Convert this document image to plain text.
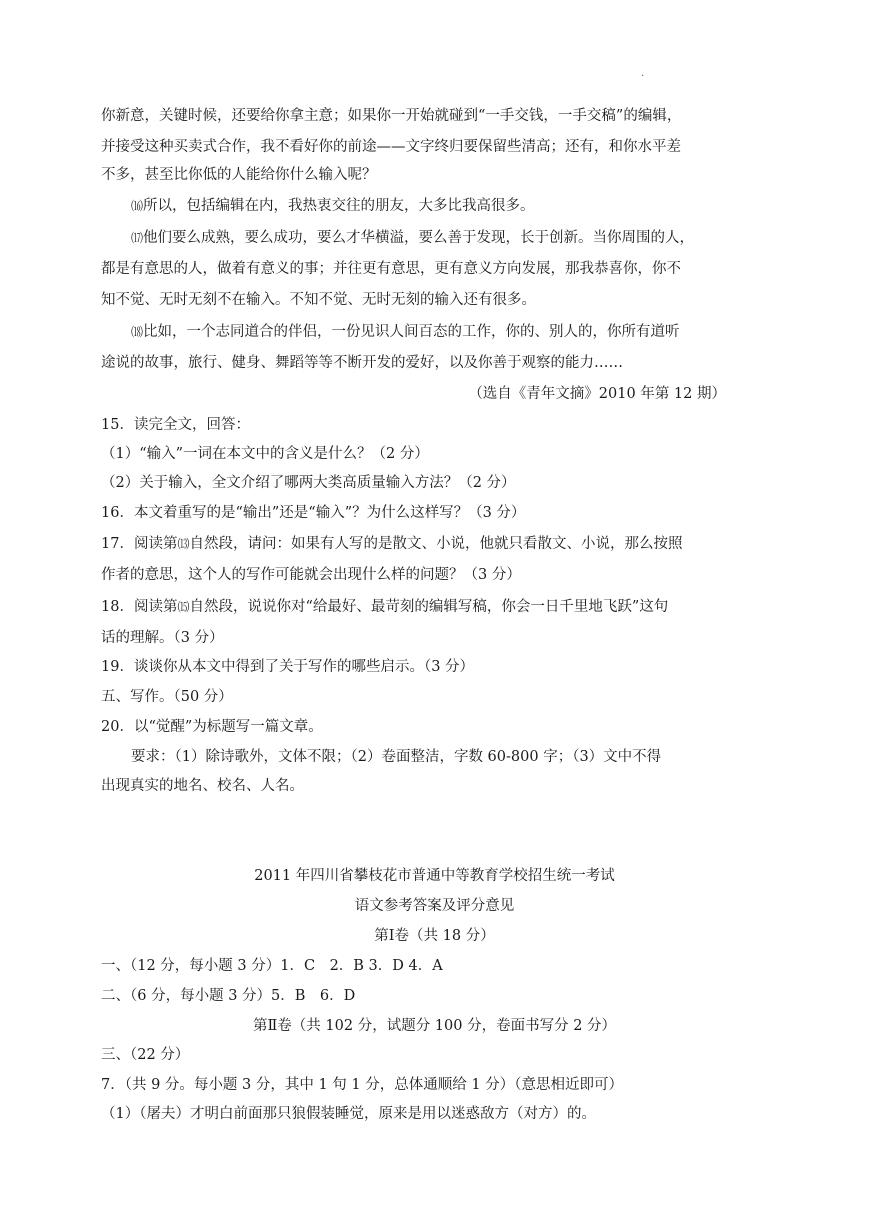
.
你新意，关键时候，还要给你拿主意；如果你一开始就碰到“一手交钱，一手交稿”的编辑，
并接受这种买卖式合作，我不看好你的前途——文字终归要保留些清高；还有，和你水平差
不多，甚至比你低的人能给你什么输入呢？
⒃所以，包括编辑在内，我热衷交往的朋友，大多比我高很多。
⒄他们要么成熟，要么成功，要么才华横溢，要么善于发现，长于创新。当你周围的人，
都是有意思的人，做着有意义的事；并往更有意思，更有意义方向发展，那我恭喜你，你不
知不觉、无时无刻不在输入。不知不觉、无时无刻的输入还有很多。
⒅比如，一个志同道合的伴侣，一份见识人间百态的工作，你的、别人的，你所有道听
途说的故事，旅行、健身、舞蹈等等不断开发的爱好，以及你善于观察的能力……
（选自《青年文摘》2010 年第 12 期）
15．读完全文，回答：
（1）“输入”一词在本文中的含义是什么？（2 分）
（2）关于输入，全文介绍了哪两大类高质量输入方法？（2 分）
16．本文着重写的是“输出”还是“输入”？为什么这样写？（3 分）
17．阅读第⒀自然段，请问：如果有人写的是散文、小说，他就只看散文、小说，那么按照
作者的意思，这个人的写作可能就会出现什么样的问题？（3 分）
18．阅读第⒂自然段，说说你对“给最好、最苛刻的编辑写稿，你会一日千里地飞跃”这句
话的理解。（3 分）
19．谈谈你从本文中得到了关于写作的哪些启示。（3 分）
五、写作。（50 分）
20．以“觉醒”为标题写一篇文章。
要求：（1）除诗歌外，文体不限；（2）卷面整洁，字数 60-800 字；（3）文中不得
出现真实的地名、校名、人名。
2011 年四川省攀枝花市普通中等教育学校招生统一考试
语文参考答案及评分意见
第Ⅰ卷（共 18 分）
一、（12 分，每小题 3 分）1．C　2．B 3．D 4．A
二、（6 分，每小题 3 分）5．B　6．D
第Ⅱ卷（共 102 分，试题分 100 分，卷面书写分 2 分）
三、（22 分）
7．（共 9 分。每小题 3 分，其中 1 句 1 分，总体通顺给 1 分）（意思相近即可）
（1）（屠夫）才明白前面那只狼假装睡觉，原来是用以迷惑敌方（对方）的。
